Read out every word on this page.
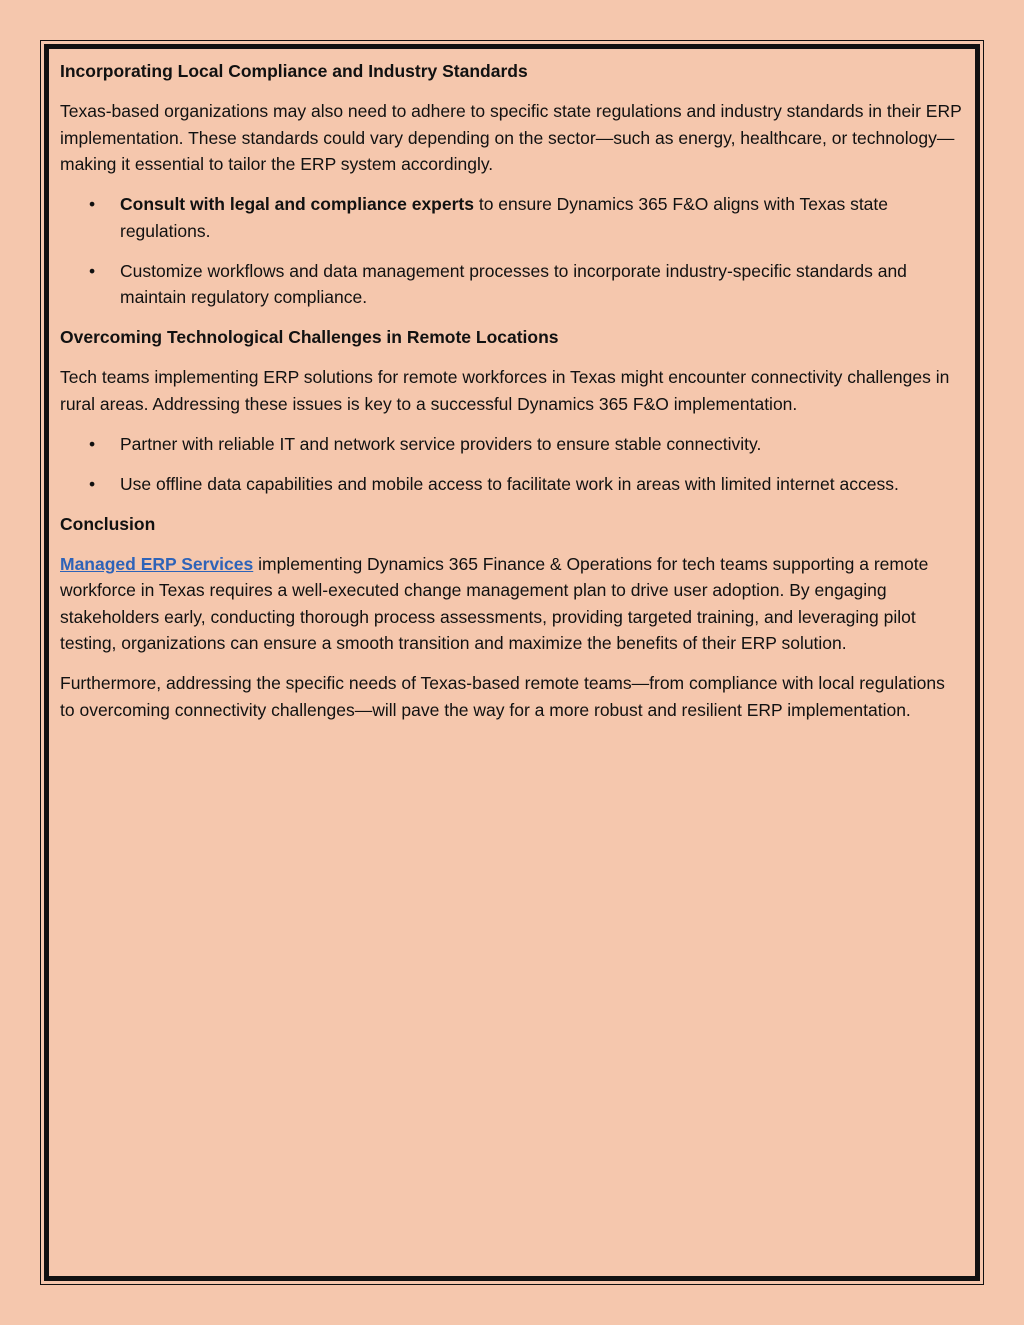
Incorporating Local Compliance and Industry Standards

Texas-based organizations may also need to adhere to specific state regulations and industry standards in their ERP implementation. These standards could vary depending on the sector—such as energy, healthcare, or technology—making it essential to tailor the ERP system accordingly.

• Consult with legal and compliance experts to ensure Dynamics 365 F&O aligns with Texas state regulations.
• Customize workflows and data management processes to incorporate industry-specific standards and maintain regulatory compliance.
Overcoming Technological Challenges in Remote Locations

Tech teams implementing ERP solutions for remote workforces in Texas might encounter connectivity challenges in rural areas. Addressing these issues is key to a successful Dynamics 365 F&O implementation.

• Partner with reliable IT and network service providers to ensure stable connectivity.
• Use offline data capabilities and mobile access to facilitate work in areas with limited internet access.
Conclusion

Managed ERP Services implementing Dynamics 365 Finance & Operations for tech teams supporting a remote workforce in Texas requires a well-executed change management plan to drive user adoption. By engaging stakeholders early, conducting thorough process assessments, providing targeted training, and leveraging pilot testing, organizations can ensure a smooth transition and maximize the benefits of their ERP solution.

Furthermore, addressing the specific needs of Texas-based remote teams—from compliance with local regulations to overcoming connectivity challenges—will pave the way for a more robust and resilient ERP implementation.
